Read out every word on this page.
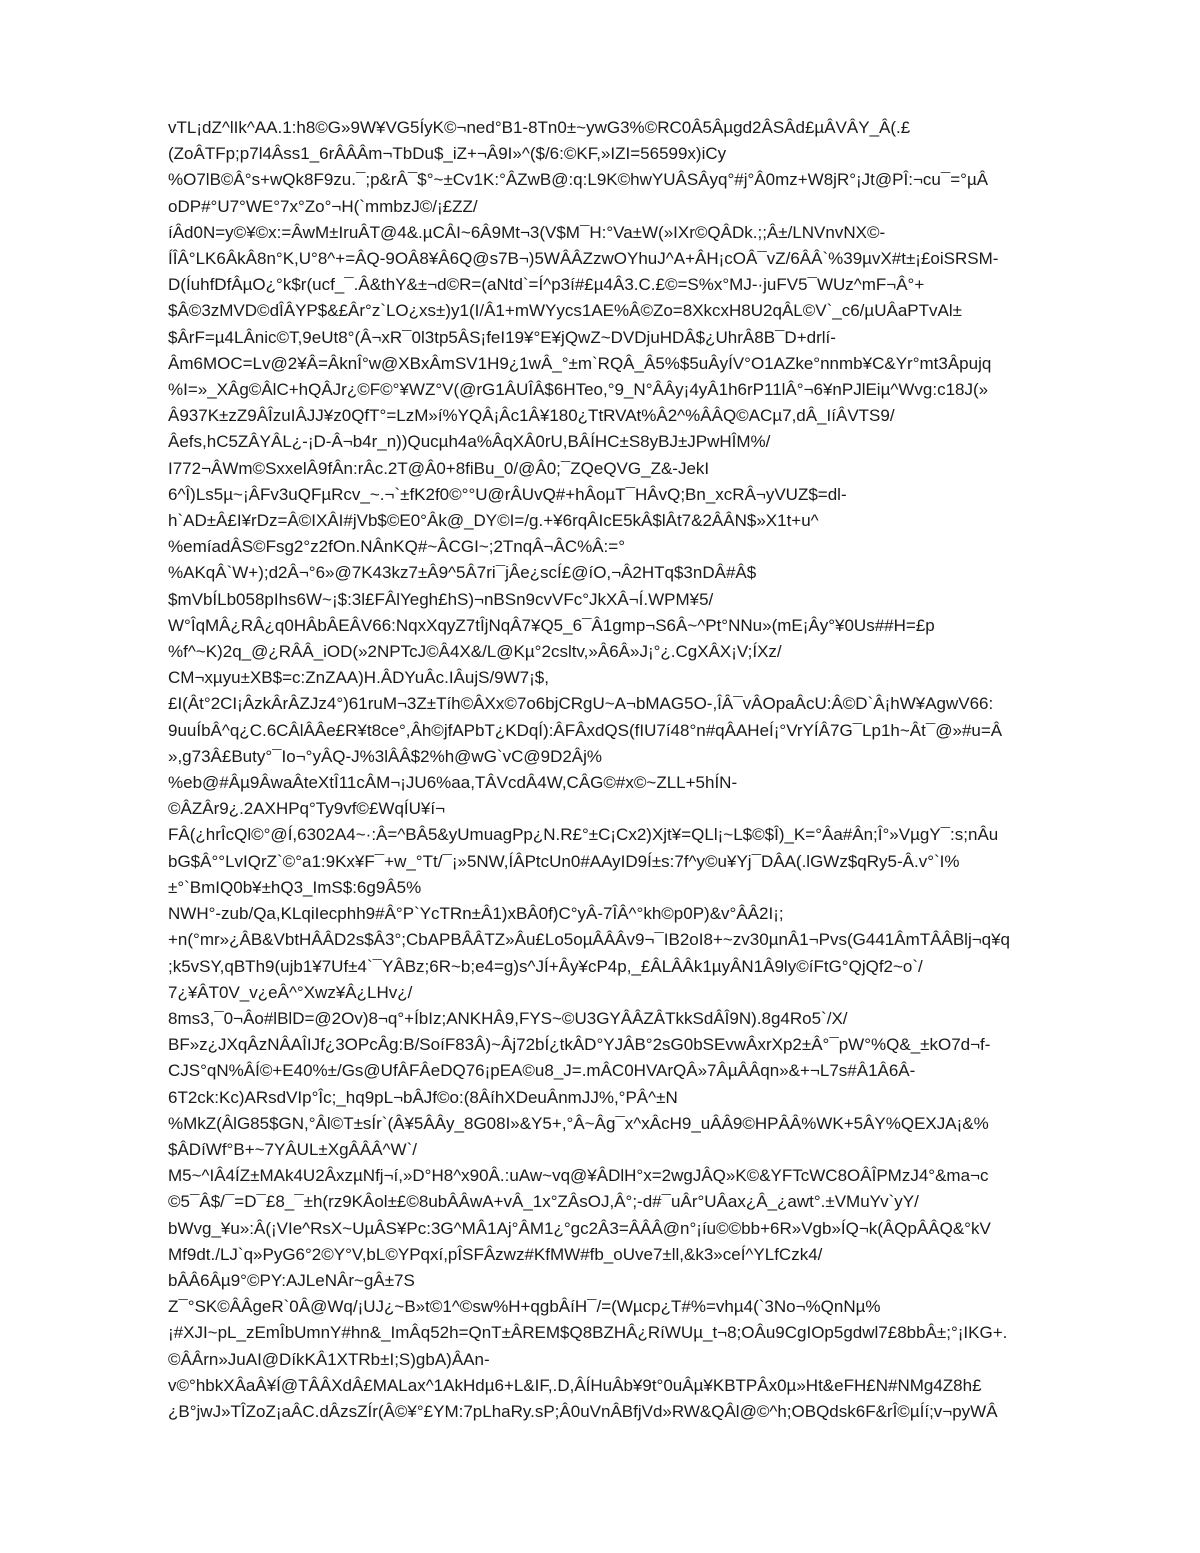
vTL¡dZ^lIk^AA.1:h8©G»9W¥VG5ÍyK©¬ned°B1-8Tn0±~ywG3%©RC0Â5Âµgd2ÂSÂd£µÂVÂY_Â(.£
(ZoÂTFp;p7l4Âss1_6rÂÂÂm¬TbDu$_iZ+¬Â9I»^($/6:©KF,»IZI=56599x)iCy
%O7lB©Â°s+wQk8F9zu.¯;p&rÂ¯$°~±Cv1K:°ÂZwB@:q:L9K©hwYUÂSÂyq°#j°Â0mz+W8jR°¡Jt@PÎ:¬cu¯=°µÂ
oDP#°U7°WE°7x°Zo°¬H(`mmbzJ©/¡£ZZ/
íÂd0N=y©¥©x:=ÂwM±IruÂT@4&.µCÂI~6Â9Mt¬3(V$M¯H:°Va±W(»IXr©QÂDk.;;Â±/LNVnvNX©-
ÍÎÂ°LK6ÂkÂ8n°K,U°8^+=ÂQ-9OÂ8¥Â6Q@s7B¬)5WÂÂZzwOYhuJ^A+ÂH¡cOÂ¯vZ/6ÂÂ`%39µvX#t±¡£oiSRSM-
D(ÍuhfDfÂµO¿°k$r(ucf_¯.Â&thY&±¬d©R=(aNtd`=Í^p3í#£µ4Â3.C.£©=S%x°MJ-·juFV5¯WUz^mF¬Â°+
$Â©3zMVD©dÎÂYP$&£Âr°z`LO¿xs±)y1(I/Â1+mWYycs1AE%Â©Zo=8XkcxH8U2qÂL©V`_c6/µUÂaPTvAl±
$ÂrF=µ4LÂnic©T,9eUt8°(Â¬xR¯0l3tp5ÂS¡feI19¥°E¥jQwZ~DVDjuHDÂ$¿UhrÂ8B¯D+drlí-
Âm6MOC=Lv@2¥Â=ÂknÎ°w@XBxÂmSV1H9¿1wÂ_°±m`RQÂ_Â5%$5uÂyÍV°O1AZke°nnmb¥C&Yr°mt3Âpujq
%I=»_XÂg©ÂlC+hQÂJr¿©F©°¥WZ°V(@rG1ÂUÎÂ$6HTeo,°9_N°ÂÂy¡4yÂ1h6rP11lÂ°¬6¥nPJlEiµ^Wvg:c18J(»
Â937K±zZ9ÂÎzuIÂJJ¥z0QfT°=LzM»í%YQÂ¡Âc1Â¥180¿TtRVAt%Â2^%ÂÂQ©ACµ7,dÂ_IíÂVTS9/
Âefs,hC5ZÂYÂL¿-¡D-Â¬b4r_n))Qucµh4a%ÂqXÂ0rU,BÂÍHC±S8yBJ±JPwHÎM%/
I772¬ÂWm©SxxelÂ9fÂn:rÂc.2T@Â0+8fiBu_0/@Â0;¯ZQeQVG_Z&-JekI
6^Î)Ls5µ~¡ÂFv3uQFµRcv_~.¬`±fK2f0©°°U@rÂUvQ#+hÂoµT¯HÂvQ;Bn_xcRÂ¬yVUZ$=dl-
h`AD±Â£I¥rDz=Â©IXÂI#jVb$©E0°Âk@_DY©I=/g.+¥6rqÂIcE5kÂ$lÂt7&2ÂÂN$»X1t+u^
%emíadÂS©Fsg2°z2fOn.NÂnKQ#~ÂCGI~;2TnqÂ¬ÂC%Â:=°
%AKqÂ`W+);d2Â¬°6»@7K43kz7±Â9^5Â7ri¯jÂe¿scÍ£@íO,¬Â2HTq$3nDÂ#Â$
$mVbÍLb058pIhs6W~¡$:3l£FÂlYegh£hS)¬nBSn9cvVFc°JkXÂ¬Í.WPM¥5/
W°ÎqMÂ¿RÂ¿q0HÂbÂEÂV66:NqxXqyZ7tÎjNqÂ7¥Q5_6¯Â1gmp¬S6Â~^Pt°NNu»(mE¡Ây°¥0Us##H=£p
%f^~K)2q_@¿RÂÂ_iOD(»2NPTcJ©Â4X&/L@Kµ°2csltv,»Â6Â»J¡°¿.CgXÂX¡V;ÍXz/
CM¬xµyu±XB$=c:ZnZAA)H.ÂDYuÂc.IÂujS/9W7¡$,
£I(Ât°2CI¡ÂzkÂrÂZJz4°)61ruM¬3Z±Tíh©ÂXx©7o6bjCRgU~A¬bMAG5O-,ÎÂ¯vÂOpaÂcU:Â©D`Â¡hW¥AgwV66:
9uuÍbÂ^q¿C.6CÂlÂÂe£R¥t8ce°,Âh©jfAPbT¿KDqÍ):ÂFÂxdQS(fIU7í48°n#qÂAHeÍ¡°VrYÍÂ7G¯Lp1h~Ât¯@»#u=Â
»,g73Â£Buty°¯Io¬°yÂQ-J%3lÂÂ$2%h@wG`vC@9D2Âj%
%eb@#Âµ9ÂwaÂteXtÎ11cÂM¬¡JU6%aa,TÂVcdÂ4W,CÂG©#x©~ZLL+5hÍN-
©ÂZÂr9¿.2AXHPq°Ty9vf©£WqÍU¥í¬
FÂ(¿hrÎcQl©°@Í,6302A4~·:Â=^BÂ5&yUmuagPp¿N.R£°±C¡Cx2)Xjt¥=QLl¡~L$©$Î)_K=°Âa#Ân;Î°»VµgY¯:s;nÂu
bG$Â°°LvIQrZ`©°a1:9Kx¥F¯+w_°Tt/¯¡»5NW,ÍÂPtcUn0#AAyID9Í±s:7f^y©u¥Yj¯DÂA(.lGWz$qRy5-Â.v°`I%
±°`BmIQ0b¥±hQ3_ImS$:6g9Â5%
NWH°-zub/Qa,KLqiIecphh9#Â°P`YcTRn±Â1)xBÂ0f)C°yÂ-7ÎÂ^°kh©p0P)&v°ÂÂ2I¡;
+n(°mr»¿ÂB&VbtHÂÂD2s$Â3°;CbAPBÂÂTZ»Âu£Lo5oµÂÂÂv9¬¯IB2oI8+~zv30µnÂ1¬Pvs(G441ÂmTÂÂBlj¬q¥q
;k5vSY,qBTh9(ujb1¥7Uf±4`¯YÂBz;6R~b;e4=g)s^JÍ+Ây¥cP4p,_£ÂLÂÂk1µyÂN1Â9ly©íFtG°QjQf2~o`/
7¿¥ÂT0V_v¿eÂ^°Xwz¥Â¿LHv¿/
8ms3,¯0¬Âo#lBlD=@2Ov)8¬q°+ÍbIz;ANKHÂ9,FYS~©U3GYÂÂZÂTkkSdÂÎ9N).8g4Ro5`/X/
BF»z¿JXqÂzNÂAÎIJf¿3OPcÂg:B/SoíF83Â)~Âj72bÍ¿tkÂD°YJÂB°2sG0bSEvwÂxrXp2±Â°¯pW°%Q&_±kO7d¬f-
CJS°qN%ÂÍ©+E40%±/Gs@UfÂFÂeDQ76¡pEA©u8_J=.mÂC0HVArQÂ»7ÂµÂÂqn»&+¬L7s#Â1Â6Â-
6T2ck:Kc)ARsdVIp°Îc;_hq9pL¬bÂJf©o:(8ÂíhXDeuÂnmJJ%,°PÂ^±N
%MkZ(ÂlG85$GN,°Âl©T±sÍr`(Â¥5ÂÂy_8G08I»&Y5+,°Â~Âg¯x^xÂcH9_uÂÂ9©HPÂÂ%WK+5ÂY%QEXJA¡&%
$ÂDíWf°B+~7YÂUL±XgÂÂÂ^W`/
M5~^IÂ4ÍZ±MAk4U2ÂxzµNfj¬í,»D°H8^x90Â.:uAw~vq@¥ÂDlH°x=2wgJÂQ»K©&YFTcWC8OÂÎPMzJ4°&ma¬c
©5¯Â$/¯=D¯£8_¯±h(rz9KÂol±£©8ubÂÂwA+vÂ_1x°ZÂsOJ,Â°;-d#¯uÂr°UÂax¿Â_¿awt°.±VMuYv`yY/
bWvg_¥u»:Â(¡VIe^RsX~UµÂS¥Pc:3G^MÂ1Aj°ÂM1¿°gc2Â3=ÂÂÂ@n°¡íu©©bb+6R»Vgb»ÍQ¬k(ÂQpÂÂQ&°kV
Mf9dt./LJ`q»PyG6°2©Y°V,bL©YPqxí,pÎSFÂzwz#KfMW#fb_oUve7±ll,&k3»ceÍ^YLfCzk4/
bÂÂ6Âµ9°©PY:AJLeNÂr~gÂ±7S
Z¯°SK©ÂÂgeR`0Â@Wq/¡UJ¿~B»t©1^©sw%H+qgbÂíH¯/=(Wµcp¿T#%=vhµ4(`3No¬%QnNµ%
¡#XJI~pL_zEmÎbUmnY#hn&_ImÂq52h=QnT±ÂREM$Q8BZHÂ¿RíWUµ_t¬8;OÂu9CgIOp5gdwl7£8bbÂ±;°¡IKG+.
©ÂÂrn»JuAI@DíkKÂ1XTRb±I;S)gbA)ÂAn-
v©°hbkXÂaÂ¥Í@TÂÂXdÂ£MALax^1AkHdµ6+L&IF,.D,ÂÍHuÂb¥9t°0uÂµ¥KBTPÂx0µ»Ht&eFH£N#NMg4Z8h£
¿B°jwJ»TÎZoZ¡aÂC.dÂzsZÍr(Â©¥°£YM:7pLhaRy.sP;Â0uVnÂBfjVd»RW&QÂl@©^h;OBQdsk6F&rÎ©µÍí;v¬pyWÂ
